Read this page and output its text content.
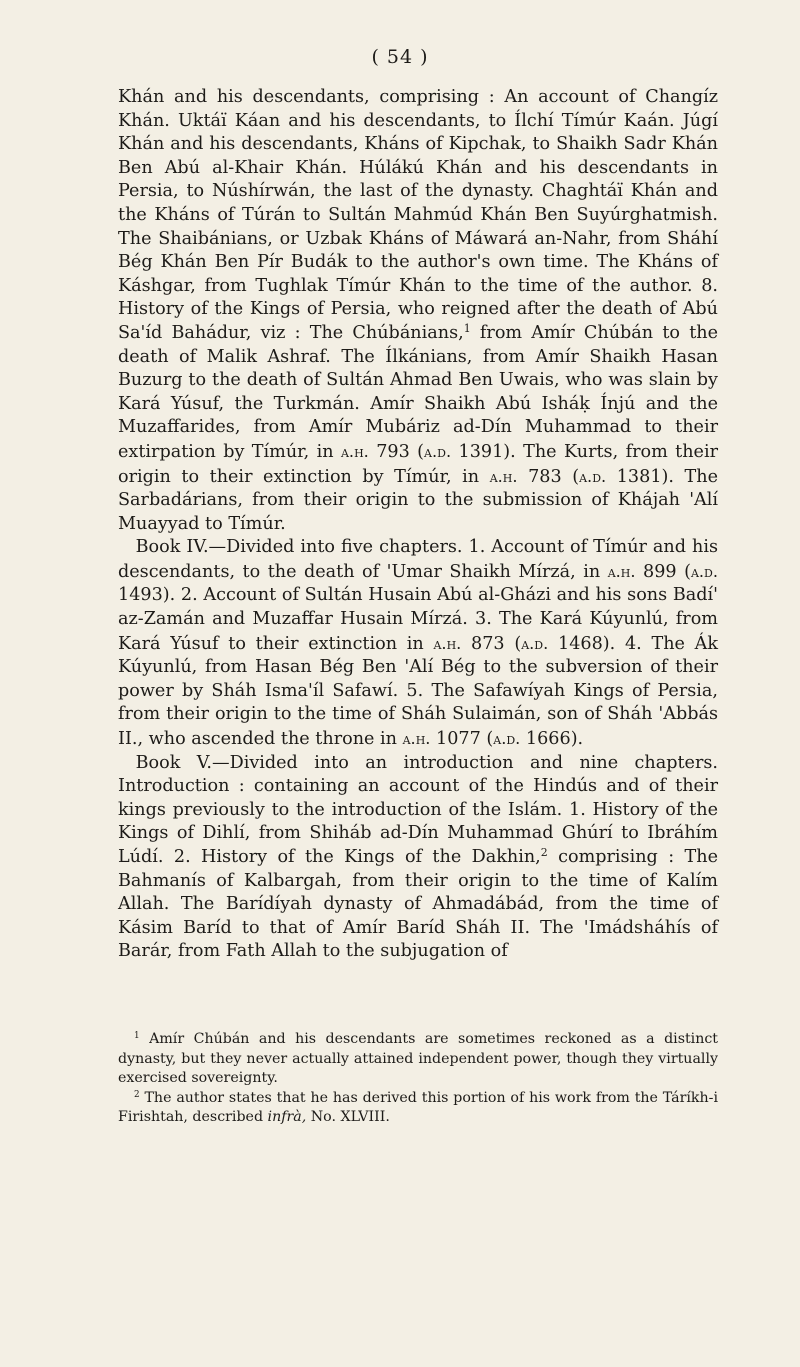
( 54 )

Khán and his descendants, comprising : An account of Changíz Khán. Uktáï Káan and his descendants, to Ílchí Tímúr Kaán. Júgí Khán and his descendants, Kháns of Kipchak, to Shaikh Sadr Khán Ben Abú al-Khair Khán. Húlákú Khán and his descendants in Persia, to Núshírwán, the last of the dynasty. Chaghtáï Khán and the Kháns of Túrán to Sultán Mahmúd Khán Ben Suyúrghatmish. The Shaibánians, or Uzbak Kháns of Máwará an-Nahr, from Sháhí Bég Khán Ben Pír Budák to the author's own time. The Kháns of Káshgar, from Tughlak Tímúr Khán to the time of the author. 8. History of the Kings of Persia, who reigned after the death of Abú Sa'íd Bahádur, viz : The Chúbánians,$^1$ from Amír Chúbán to the death of Malik Ashraf. The Ílkánians, from Amír Shaikh Hasan Buzurg to the death of Sultán Ahmad Ben Uwais, who was slain by Kará Yúsuf, the Turkmán. Amír Shaikh Abú Isháḳ Ínjú and the Muzaffarides, from Amír Mubáriz ad-Dín Muhammad to their extirpation by Tímúr, in a.h. 793 (a.d. 1391). The Kurts, from their origin to their extinction by Tímúr, in a.h. 783 (a.d. 1381). The Sarbadárians, from their origin to the submission of Khájah 'Alí Muayyad to Tímúr.

 Book IV.—Divided into five chapters. 1. Account of Tímúr and his descendants, to the death of 'Umar Shaikh Mírzá, in a.h. 899 (a.d. 1493). 2. Account of Sultán Husain Abú al-Gházi and his sons Badí' az-Zamán and Muzaffar Husain Mírzá. 3. The Kará Kúyunlú, from Kará Yúsuf to their extinction in a.h. 873 (a.d. 1468). 4. The Ák Kúyunlú, from Hasan Bég Ben 'Alí Bég to the subversion of their power by Sháh Isma'íl Safawí. 5. The Safawíyah Kings of Persia, from their origin to the time of Sháh Sulaimán, son of Sháh 'Abbás II., who ascended the throne in a.h. 1077 (a.d. 1666).

 Book V.—Divided into an introduction and nine chapters. Introduction : containing an account of the Hindús and of their kings previously to the introduction of the Islám. 1. History of the Kings of Dihlí, from Shiháb ad-Dín Muhammad Ghúrí to Ibráhím Lúdí. 2. History of the Kings of the Dakhin,$^2$ comprising : The Bahmanís of Kalbargah, from their origin to the time of Kalím Allah. The Barídíyah dynasty of Ahmadábád, from the time of Kásim Baríd to that of Amír Baríd Sháh II. The 'Imádsháhís of Barár, from Fath Allah to the subjugation of

$^1$ Amír Chúbán and his descendants are sometimes reckoned as a distinct dynasty, but they never actually attained independent power, though they virtually exercised sovereignty.

$^2$ The author states that he has derived this portion of his work from the Táríkh-i Firishtah, described infrà, No. XLVIII.
